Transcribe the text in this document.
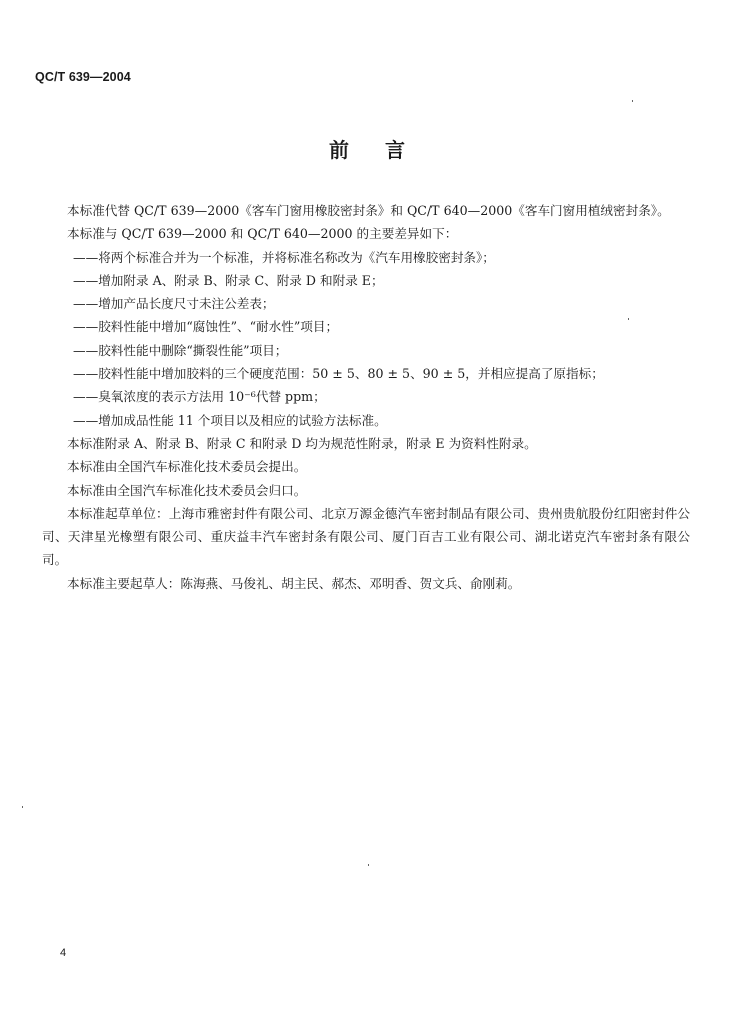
QC/T 639—2004
前言

本标准代替 QC/T 639—2000《客车门窗用橡胶密封条》和 QC/T 640—2000《客车门窗用植绒密封条》。

本标准与 QC/T 639—2000 和 QC/T 640—2000 的主要差异如下：

——将两个标准合并为一个标准，并将标准名称改为《汽车用橡胶密封条》；

——增加附录 A、附录 B、附录 C、附录 D 和附录 E；

——增加产品长度尺寸未注公差表；

——胶料性能中增加“腐蚀性”、“耐水性”项目；

——胶料性能中删除“撕裂性能”项目；

——胶料性能中增加胶料的三个硬度范围：50 ± 5、80 ± 5、90 ± 5，并相应提高了原指标；

——臭氧浓度的表示方法用 10⁻⁶代替 ppm；

——增加成品性能 11 个项目以及相应的试验方法标准。

本标准附录 A、附录 B、附录 C 和附录 D 均为规范性附录，附录 E 为资料性附录。

本标准由全国汽车标准化技术委员会提出。

本标准由全国汽车标准化技术委员会归口。

本标准起草单位：上海市雅密封件有限公司、北京万源金德汽车密封制品有限公司、贵州贵航股份红阳密封件公司、天津星光橡塑有限公司、重庆益丰汽车密封条有限公司、厦门百吉工业有限公司、湖北诺克汽车密封条有限公司。

本标准主要起草人：陈海燕、马俊礼、胡主民、郝杰、邓明香、贺文兵、俞刚莉。

4
